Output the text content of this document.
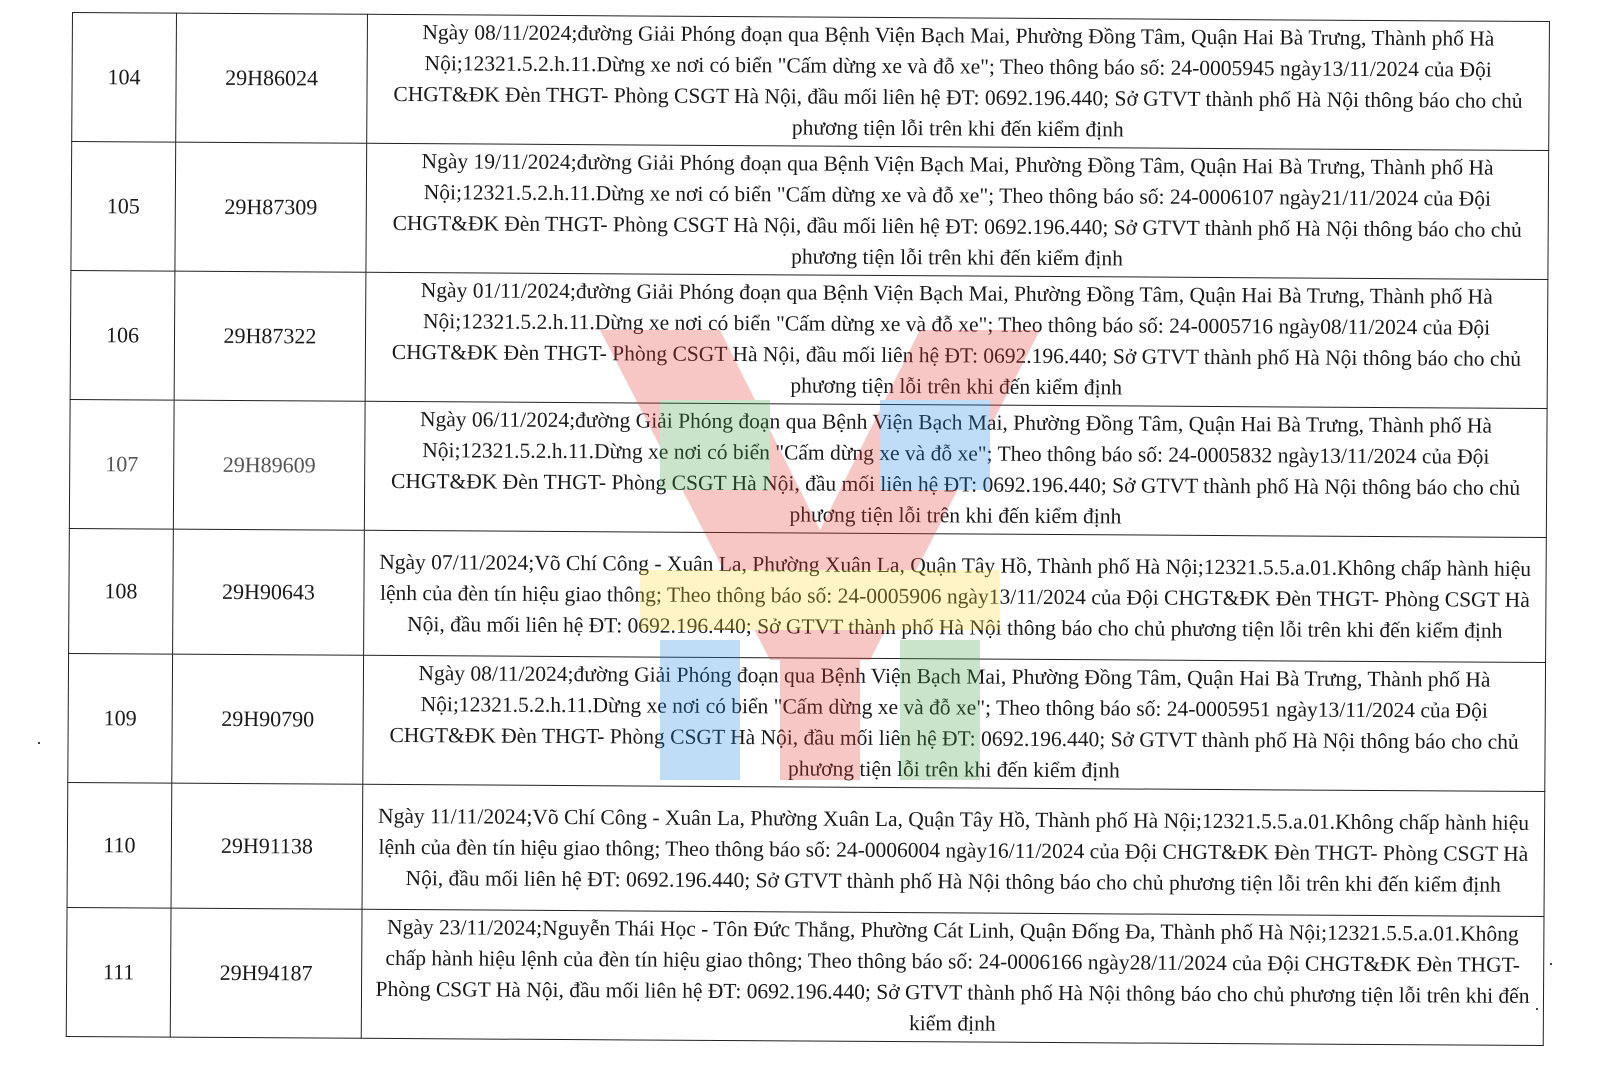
104	29H86024	Ngày 08/11/2024;đường Giải Phóng đoạn qua Bệnh Viện Bạch Mai, Phường Đồng Tâm, Quận Hai Bà Trưng, Thành phố Hà Nội;12321.5.2.h.11.Dừng xe nơi có biển "Cấm dừng xe và đỗ xe"; Theo thông báo số: 24-0005945 ngày13/11/2024 của Đội CHGT&ĐK Đèn THGT- Phòng CSGT Hà Nội, đầu mối liên hệ ĐT: 0692.196.440; Sở GTVT thành phố Hà Nội thông báo cho chủ phương tiện lỗi trên khi đến kiểm định
105	29H87309	Ngày 19/11/2024;đường Giải Phóng đoạn qua Bệnh Viện Bạch Mai, Phường Đồng Tâm, Quận Hai Bà Trưng, Thành phố Hà Nội;12321.5.2.h.11.Dừng xe nơi có biển "Cấm dừng xe và đỗ xe"; Theo thông báo số: 24-0006107 ngày21/11/2024 của Đội CHGT&ĐK Đèn THGT- Phòng CSGT Hà Nội, đầu mối liên hệ ĐT: 0692.196.440; Sở GTVT thành phố Hà Nội thông báo cho chủ phương tiện lỗi trên khi đến kiểm định
106	29H87322	Ngày 01/11/2024;đường Giải Phóng đoạn qua Bệnh Viện Bạch Mai, Phường Đồng Tâm, Quận Hai Bà Trưng, Thành phố Hà Nội;12321.5.2.h.11.Dừng xe nơi có biển "Cấm dừng xe và đỗ xe"; Theo thông báo số: 24-0005716 ngày08/11/2024 của Đội CHGT&ĐK Đèn THGT- Phòng CSGT Hà Nội, đầu mối liên hệ ĐT: 0692.196.440; Sở GTVT thành phố Hà Nội thông báo cho chủ phương tiện lỗi trên khi đến kiểm định
107	29H89609	Ngày 06/11/2024;đường Giải Phóng đoạn qua Bệnh Viện Bạch Mai, Phường Đồng Tâm, Quận Hai Bà Trưng, Thành phố Hà Nội;12321.5.2.h.11.Dừng xe nơi có biển "Cấm dừng xe và đỗ xe"; Theo thông báo số: 24-0005832 ngày13/11/2024 của Đội CHGT&ĐK Đèn THGT- Phòng CSGT Hà Nội, đầu mối liên hệ ĐT: 0692.196.440; Sở GTVT thành phố Hà Nội thông báo cho chủ phương tiện lỗi trên khi đến kiểm định
108	29H90643	Ngày 07/11/2024;Võ Chí Công - Xuân La, Phường Xuân La, Quận Tây Hồ, Thành phố Hà Nội;12321.5.5.a.01.Không chấp hành hiệu lệnh của đèn tín hiệu giao thông; Theo thông báo số: 24-0005906 ngày13/11/2024 của Đội CHGT&ĐK Đèn THGT- Phòng CSGT Hà Nội, đầu mối liên hệ ĐT: 0692.196.440; Sở GTVT thành phố Hà Nội thông báo cho chủ phương tiện lỗi trên khi đến kiểm định
109	29H90790	Ngày 08/11/2024;đường Giải Phóng đoạn qua Bệnh Viện Bạch Mai, Phường Đồng Tâm, Quận Hai Bà Trưng, Thành phố Hà Nội;12321.5.2.h.11.Dừng xe nơi có biển "Cấm dừng xe và đỗ xe"; Theo thông báo số: 24-0005951 ngày13/11/2024 của Đội CHGT&ĐK Đèn THGT- Phòng CSGT Hà Nội, đầu mối liên hệ ĐT: 0692.196.440; Sở GTVT thành phố Hà Nội thông báo cho chủ phương tiện lỗi trên khi đến kiểm định
110	29H91138	Ngày 11/11/2024;Võ Chí Công - Xuân La, Phường Xuân La, Quận Tây Hồ, Thành phố Hà Nội;12321.5.5.a.01.Không chấp hành hiệu lệnh của đèn tín hiệu giao thông; Theo thông báo số: 24-0006004 ngày16/11/2024 của Đội CHGT&ĐK Đèn THGT- Phòng CSGT Hà Nội, đầu mối liên hệ ĐT: 0692.196.440; Sở GTVT thành phố Hà Nội thông báo cho chủ phương tiện lỗi trên khi đến kiểm định
111	29H94187	Ngày 23/11/2024;Nguyễn Thái Học - Tôn Đức Thắng, Phường Cát Linh, Quận Đống Đa, Thành phố Hà Nội;12321.5.5.a.01.Không chấp hành hiệu lệnh của đèn tín hiệu giao thông; Theo thông báo số: 24-0006166 ngày28/11/2024 của Đội CHGT&ĐK Đèn THGT- Phòng CSGT Hà Nội, đầu mối liên hệ ĐT: 0692.196.440; Sở GTVT thành phố Hà Nội thông báo cho chủ phương tiện lỗi trên khi đến kiểm định
